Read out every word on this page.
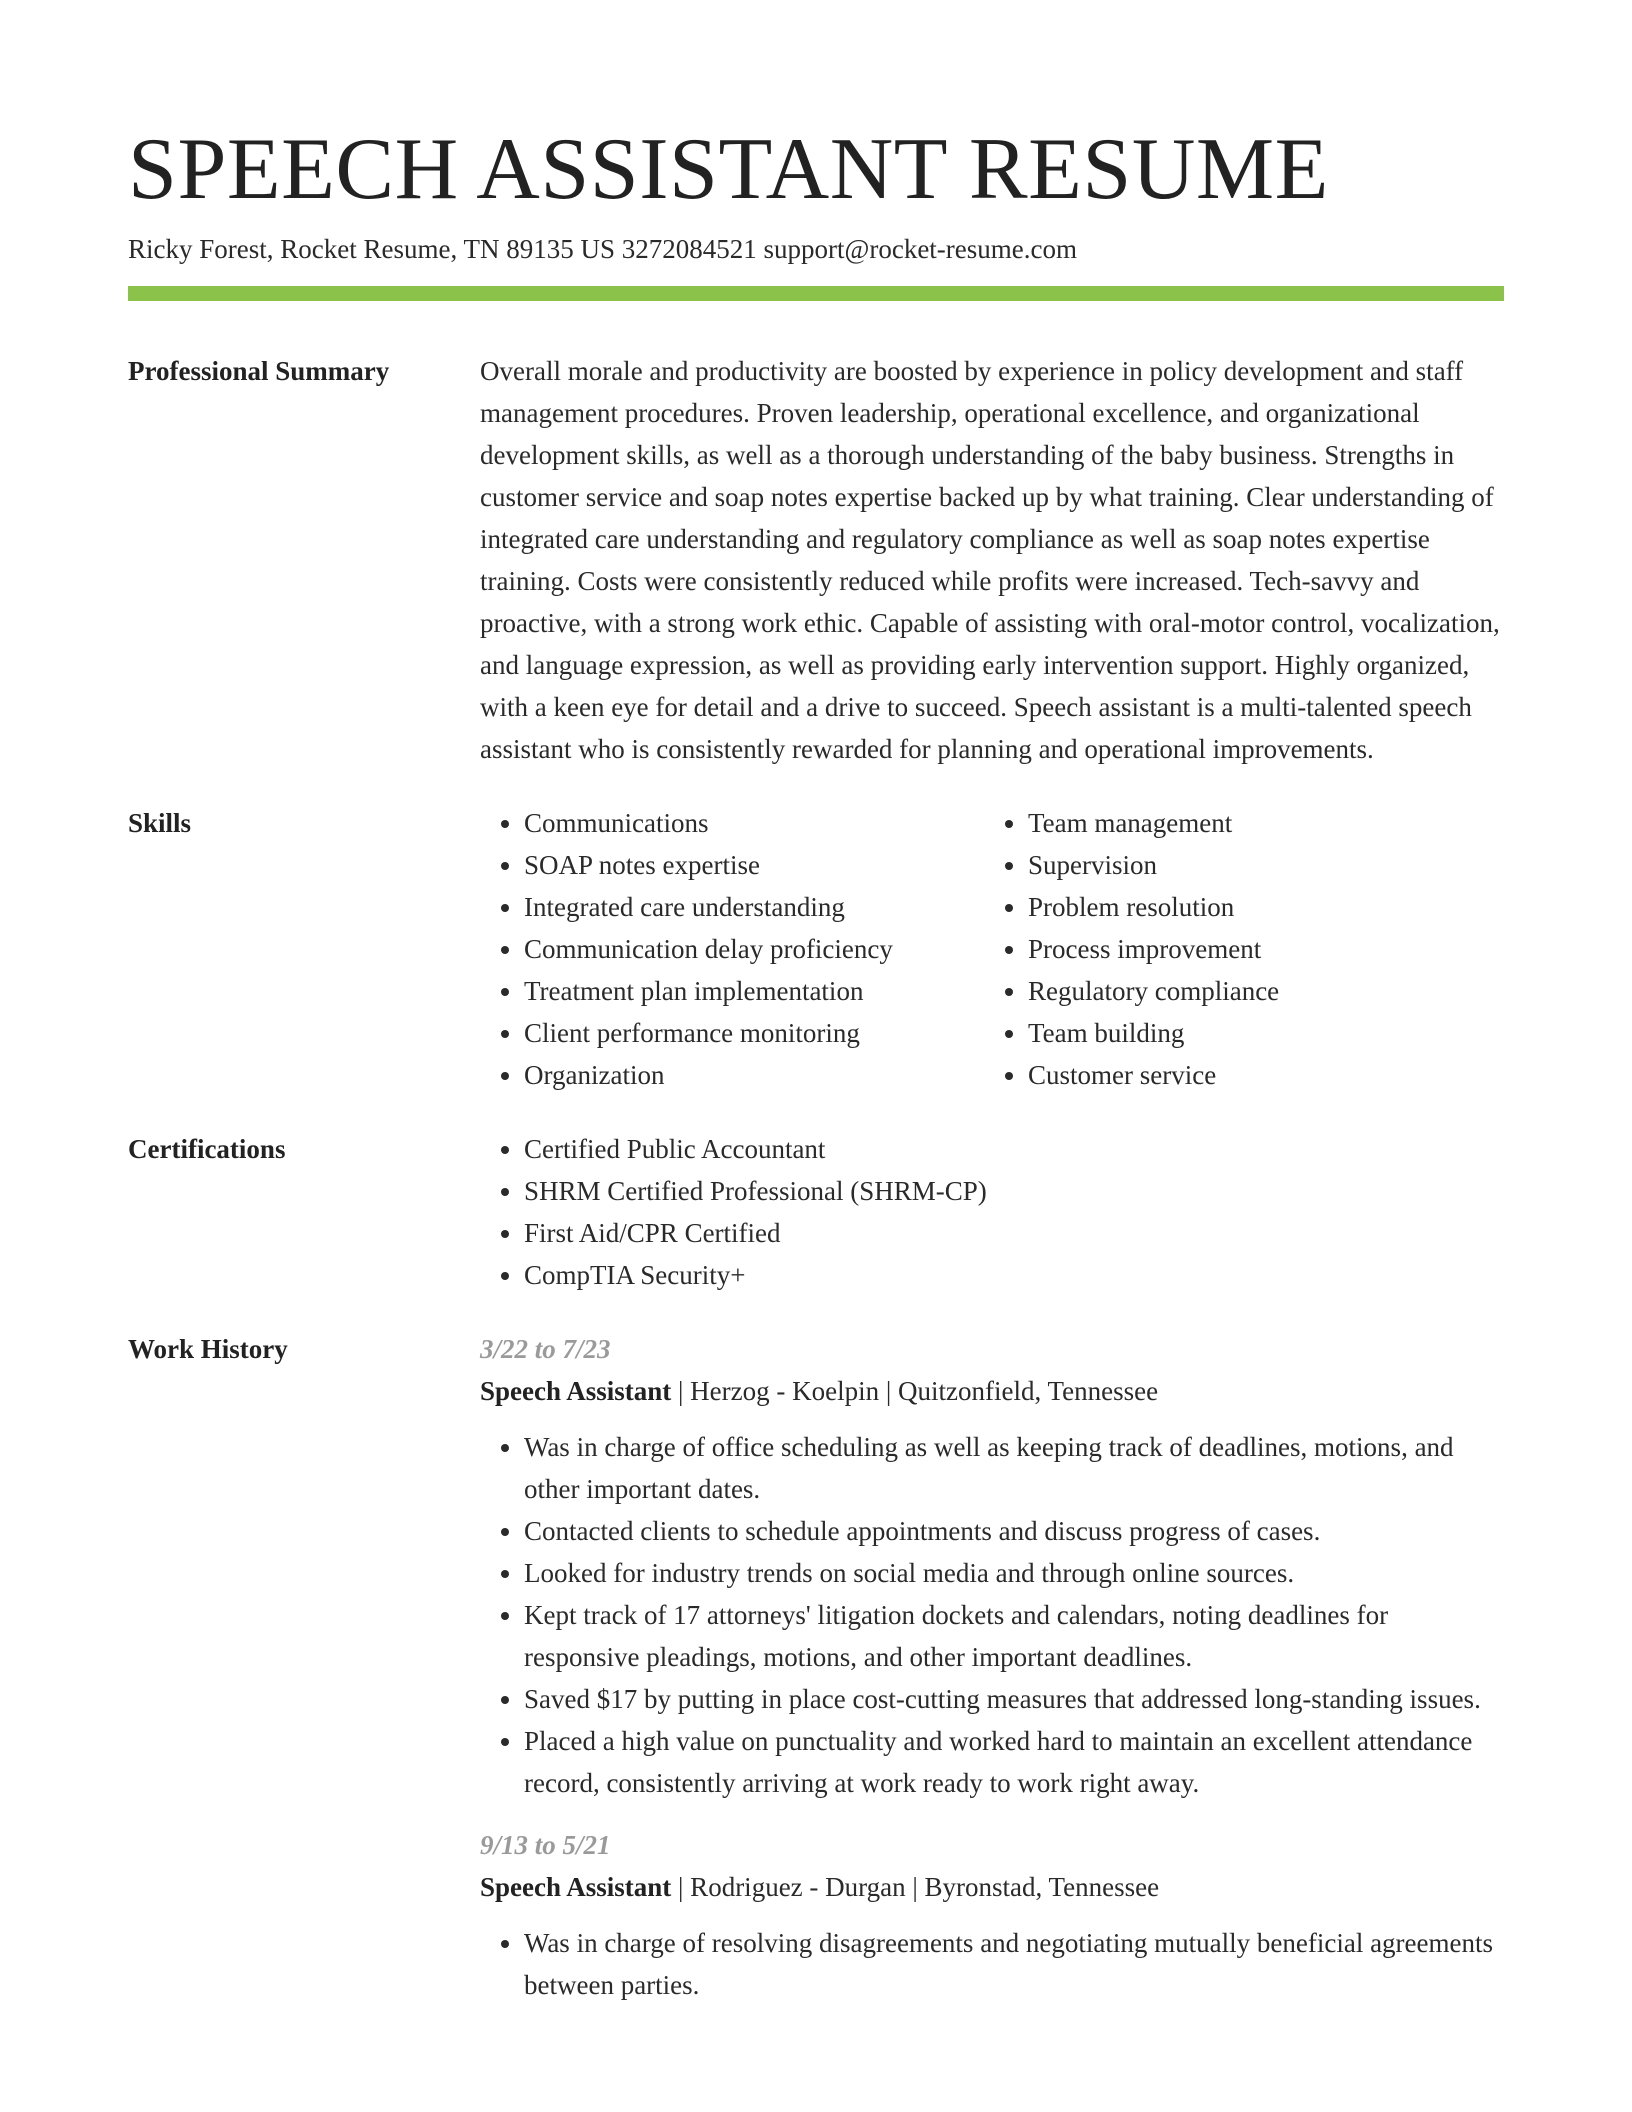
SPEECH ASSISTANT RESUME
Ricky Forest, Rocket Resume, TN 89135 US 3272084521 support@rocket-resume.com
Professional Summary	Overall morale and productivity are boosted by experience in policy development and staff management procedures. Proven leadership, operational excellence, and organizational development skills, as well as a thorough understanding of the baby business. Strengths in customer service and soap notes expertise backed up by what training. Clear understanding of integrated care understanding and regulatory compliance as well as soap notes expertise training. Costs were consistently reduced while profits were increased. Tech-savvy and proactive, with a strong work ethic. Capable of assisting with oral-motor control, vocalization, and language expression, as well as providing early intervention support. Highly organized, with a keen eye for detail and a drive to succeed. Speech assistant is a multi-talented speech assistant who is consistently rewarded for planning and operational improvements.

Skills	• Communications
• SOAP notes expertise
• Integrated care understanding
• Communication delay proficiency
• Treatment plan implementation
• Client performance monitoring
• Organization
• Team management
• Supervision
• Problem resolution
• Process improvement
• Regulatory compliance
• Team building
• Customer service
Certifications	• Certified Public Accountant
• SHRM Certified Professional (SHRM-CP)
• First Aid/CPR Certified
• CompTIA Security+
Work History	3/22 to 7/23
Speech Assistant | Herzog - Koelpin | Quitzonfield, Tennessee
• Was in charge of office scheduling as well as keeping track of deadlines, motions, and other important dates.
• Contacted clients to schedule appointments and discuss progress of cases.
• Looked for industry trends on social media and through online sources.
• Kept track of 17 attorneys' litigation dockets and calendars, noting deadlines for responsive pleadings, motions, and other important deadlines.
• Saved $17 by putting in place cost-cutting measures that addressed long-standing issues.
• Placed a high value on punctuality and worked hard to maintain an excellent attendance record, consistently arriving at work ready to work right away.
9/13 to 5/21
Speech Assistant | Rodriguez - Durgan | Byronstad, Tennessee
• Was in charge of resolving disagreements and negotiating mutually beneficial agreements between parties.
